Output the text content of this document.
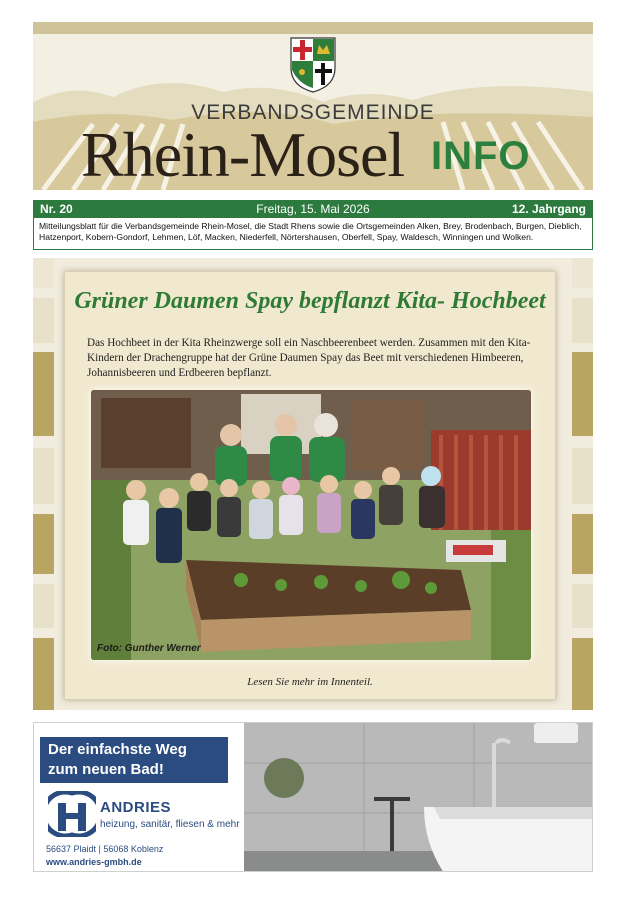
VERBANDSGEMEINDE
Rhein-Mosel INFO
Nr. 20	Freitag, 15. Mai 2026	12. Jahrgang
Mitteilungsblatt für die Verbandsgemeinde Rhein-Mosel, die Stadt Rhens sowie die Ortsgemeinden Alken, Brey, Brodenbach, Burgen, Dieblich, Hatzenport, Kobern-Gondorf, Lehmen, Löf, Macken, Niederfell, Nörtershausen, Oberfell, Spay, Waldesch, Winningen und Wolken.
Grüner Daumen Spay bepflanzt Kita- Hochbeet
Das Hochbeet in der Kita Rheinzwerge soll ein Naschbeerenbeet werden. Zusammen mit den Kita-Kindern der Drachengruppe hat der Grüne Daumen Spay das Beet mit verschiedenen Himbeeren, Johannisbeeren und Erdbeeren bepflanzt.
Foto: Gunther Werner
Lesen Sie mehr im Innenteil.
Der einfachste Weg
zum neuen Bad!
ANDRIES
heizung, sanitär, fliesen & mehr
56637 Plaidt | 56068 Koblenz
www.andries-gmbh.de
